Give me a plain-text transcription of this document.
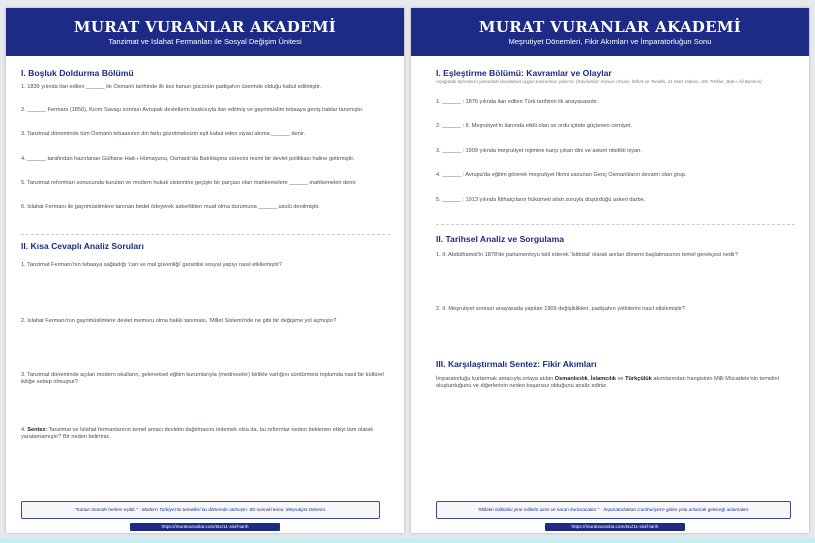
MURAT VURANLAR AKADEMİ
Tanzimat ve Islahat Fermanları ile Sosyal Değişim Ünitesi
I. Boşluk Doldurma Bölümü
1. 1839 yılında ilan edilen ______ ile Osmanlı tarihinde ilk kez kanun gücünün padişahın üzerinde olduğu kabul edilmiştir.
2. ______ Fermanı (1856), Kırım Savaşı sonrası Avrupalı devletlerin baskısıyla ilan edilmiş ve gayrimüslim tebaaya geniş haklar tanımıştır.
3. Tanzimat döneminde tüm Osmanlı tebaasının din farkı gözetmeksizin eşit kabul eden siyasi akıma ______ denir.
4. ______ tarafından hazırlanan Gülhane Hatt-ı Hümayunu, Osmanlı'da Batılılaşma sürecini resmi bir devlet politikası haline getirmiştir.
5. Tanzimat reformları sonucunda kurulan ve modern hukuk sistemine geçişin bir parçası olan mahkemelere ______ mahkemeleri denir.
6. Islahat Fermanı ile gayrimüslimlere tanınan bedel ödeyerek askerlikten muaf olma durumuna ______ usulü denilmiştir.
II. Kısa Cevaplı Analiz Soruları
1. Tanzimat Fermanı'nın tebaaya sağladığı 'can ve mal güvenliği' garantisi sosyal yapıyı nasıl etkilemiştir?
2. Islahat Fermanı'nın gayrimüslimlere devlet memuru olma hakkı tanıması, 'Millet Sistemi'nde ne gibi bir değişime yol açmıştır?
3. Tanzimat döneminde açılan modern okulların, geleneksel eğitim kurumlarıyla (medreseler) birlikte varlığını sürdürmesi toplumda nasıl bir kültürel ikiliğe sebep olmuştur?
4. Sentez: Tanzimat ve Islahat fermanlarının temel amacı devletin dağılmasını önlemek olsa da, bu reformlar neden beklenen etkiyi tam olarak yaratamamıştır? Bir neden belirtiniz.
"Kanun önünde herkes eşittir." - Modern Türkiye'nin temelleri bu dönemde atılmıştır. Bir sonraki konu: Meşrutiyet Dönemi.
https://muratvuranlar.com/tsx/11-sinif-tarih
MURAT VURANLAR AKADEMİ
Meşrutiyet Dönemleri, Fikir Akımları ve İmparatorluğun Sonu
I. Eşleştirme Bölümü: Kavramlar ve Olaylar
Aşağıdaki tanımların yanındaki boşluklara uygun kavramları yazınız. (Kavramlar: Kanun-i Esasi, İttihat ve Terakki, 31 Mart Vakası, Jön Türkler, Bab-ı Âli Baskını)
1. ______ : 1876 yılında ilan edilen Türk tarihinin ilk anayasasıdır.
2. ______ : II. Meşrutiyet'in ilanında etkili olan ve ordu içinde güçlenen cemiyet.
3. ______ : 1909 yılında meşrutiyet rejimine karşı çıkan dini ve askeri nitelikli isyan.
4. ______ : Avrupa'da eğitim görerek meşrutiyet fikrini savunan Genç Osmanlıların devamı olan grup.
5. ______ : 1913 yılında İttihatçıların hükümeti silah zoruyla düşürdüğü askeri darbe.
II. Tarihsel Analiz ve Sorgulama
1. II. Abdülhamid'in 1878'de parlamentoyu tatil ederek 'İstibdat' olarak anılan dönemi başlatmasının temel gerekçesi nedir?
2. II. Meşrutiyet sonrası anayasada yapılan 1909 değişiklikleri, padişahın yetkilerini nasıl etkilemiştir?
III. Karşılaştırmalı Sentez: Fikir Akımları
İmparatorluğu kurtarmak amacıyla ortaya atılan Osmanlıcılık, İslamcılık ve Türkçülük akımlarından hangisinin Milli Mücadele'nin temelini oluşturduğunu ve diğerlerinin neden başarısız olduğunu analiz ediniz.
"Milletin istiklalini yine milletin azim ve kararı kurtaracaktır." - İmparatorluktan Cumhuriyet'e giden yolu anlamak geleceği anlamaktır.
https://muratvuranlar.com/tsx/11-sinif-tarih
